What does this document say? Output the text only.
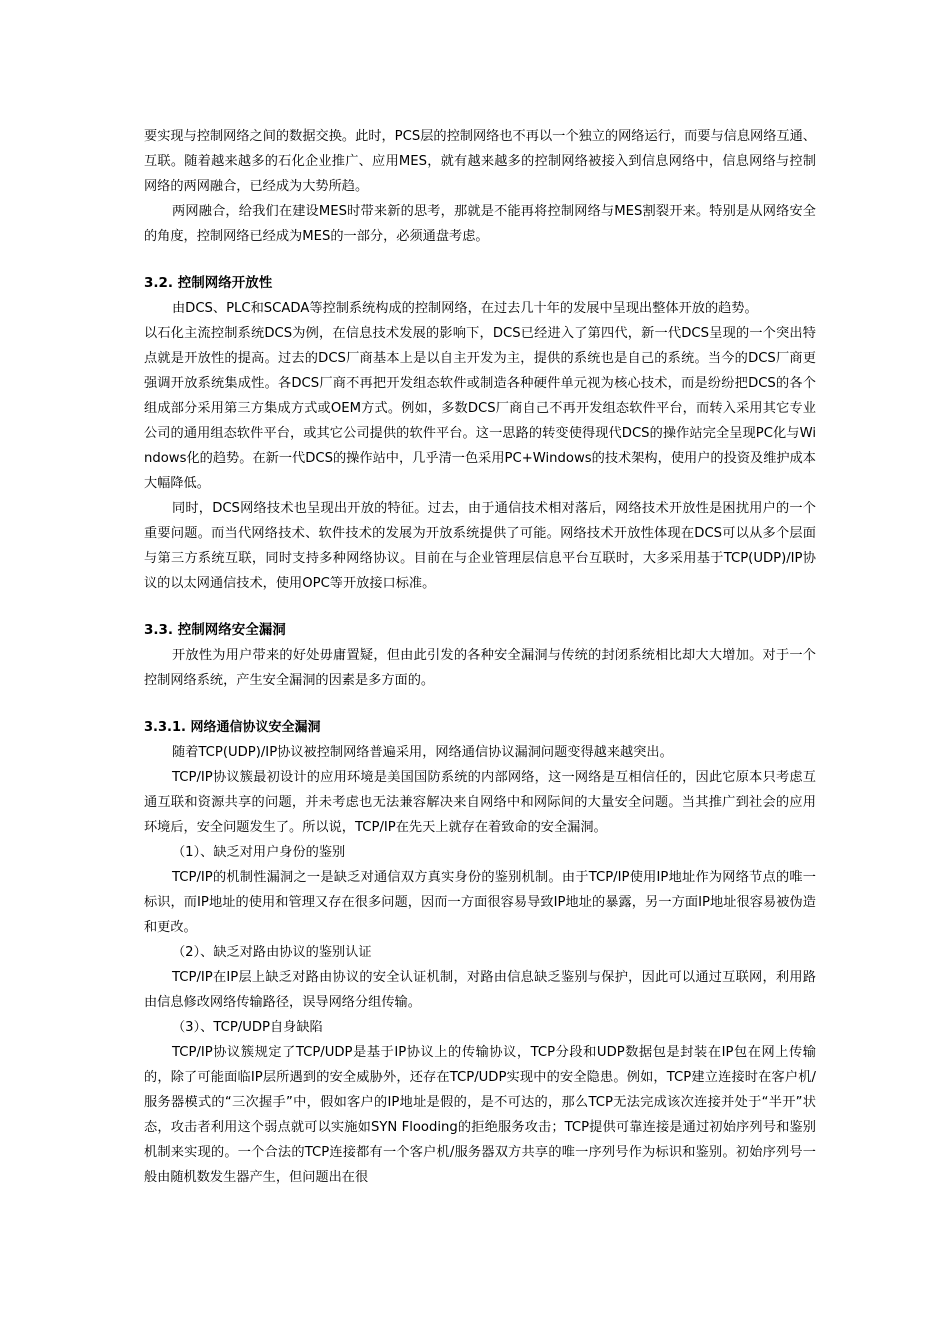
要实现与控制网络之间的数据交换。此时，PCS层的控制网络也不再以一个独立的网络运行，而要与信息网络互通、互联。随着越来越多的石化企业推广、应用MES，就有越来越多的控制网络被接入到信息网络中，信息网络与控制网络的两网融合，已经成为大势所趋。

两网融合，给我们在建设MES时带来新的思考，那就是不能再将控制网络与MES割裂开来。特别是从网络安全的角度，控制网络已经成为MES的一部分，必须通盘考虑。

3.2. 控制网络开放性

由DCS、PLC和SCADA等控制系统构成的控制网络，在过去几十年的发展中呈现出整体开放的趋势。

以石化主流控制系统DCS为例，在信息技术发展的影响下，DCS已经进入了第四代，新一代DCS呈现的一个突出特点就是开放性的提高。过去的DCS厂商基本上是以自主开发为主，提供的系统也是自己的系统。当今的DCS厂商更强调开放系统集成性。各DCS厂商不再把开发组态软件或制造各种硬件单元视为核心技术，而是纷纷把DCS的各个组成部分采用第三方集成方式或OEM方式。例如，多数DCS厂商自己不再开发组态软件平台，而转入采用其它专业公司的通用组态软件平台，或其它公司提供的软件平台。这一思路的转变使得现代DCS的操作站完全呈现PC化与Windows化的趋势。在新一代DCS的操作站中，几乎清一色采用PC+Windows的技术架构，使用户的投资及维护成本大幅降低。

同时，DCS网络技术也呈现出开放的特征。过去，由于通信技术相对落后，网络技术开放性是困扰用户的一个重要问题。而当代网络技术、软件技术的发展为开放系统提供了可能。网络技术开放性体现在DCS可以从多个层面与第三方系统互联，同时支持多种网络协议。目前在与企业管理层信息平台互联时，大多采用基于TCP(UDP)/IP协议的以太网通信技术，使用OPC等开放接口标准。

3.3. 控制网络安全漏洞

开放性为用户带来的好处毋庸置疑，但由此引发的各种安全漏洞与传统的封闭系统相比却大大增加。对于一个控制网络系统，产生安全漏洞的因素是多方面的。

3.3.1. 网络通信协议安全漏洞

随着TCP(UDP)/IP协议被控制网络普遍采用，网络通信协议漏洞问题变得越来越突出。

TCP/IP协议簇最初设计的应用环境是美国国防系统的内部网络，这一网络是互相信任的，因此它原本只考虑互通互联和资源共享的问题，并未考虑也无法兼容解决来自网络中和网际间的大量安全问题。当其推广到社会的应用环境后，安全问题发生了。所以说，TCP/IP在先天上就存在着致命的安全漏洞。

（1）、缺乏对用户身份的鉴别

TCP/IP的机制性漏洞之一是缺乏对通信双方真实身份的鉴别机制。由于TCP/IP使用IP地址作为网络节点的唯一标识，而IP地址的使用和管理又存在很多问题，因而一方面很容易导致IP地址的暴露，另一方面IP地址很容易被伪造和更改。

（2）、缺乏对路由协议的鉴别认证

TCP/IP在IP层上缺乏对路由协议的安全认证机制，对路由信息缺乏鉴别与保护，因此可以通过互联网，利用路由信息修改网络传输路径，误导网络分组传输。

（3）、TCP/UDP自身缺陷

TCP/IP协议簇规定了TCP/UDP是基于IP协议上的传输协议，TCP分段和UDP数据包是封装在IP包在网上传输的，除了可能面临IP层所遇到的安全威胁外，还存在TCP/UDP实现中的安全隐患。例如，TCP建立连接时在客户机/服务器模式的“三次握手”中，假如客户的IP地址是假的，是不可达的，那么TCP无法完成该次连接并处于“半开”状态，攻击者利用这个弱点就可以实施如SYN Flooding的拒绝服务攻击；TCP提供可靠连接是通过初始序列号和鉴别机制来实现的。一个合法的TCP连接都有一个客户机/服务器双方共享的唯一序列号作为标识和鉴别。初始序列号一般由随机数发生器产生，但问题出在很
